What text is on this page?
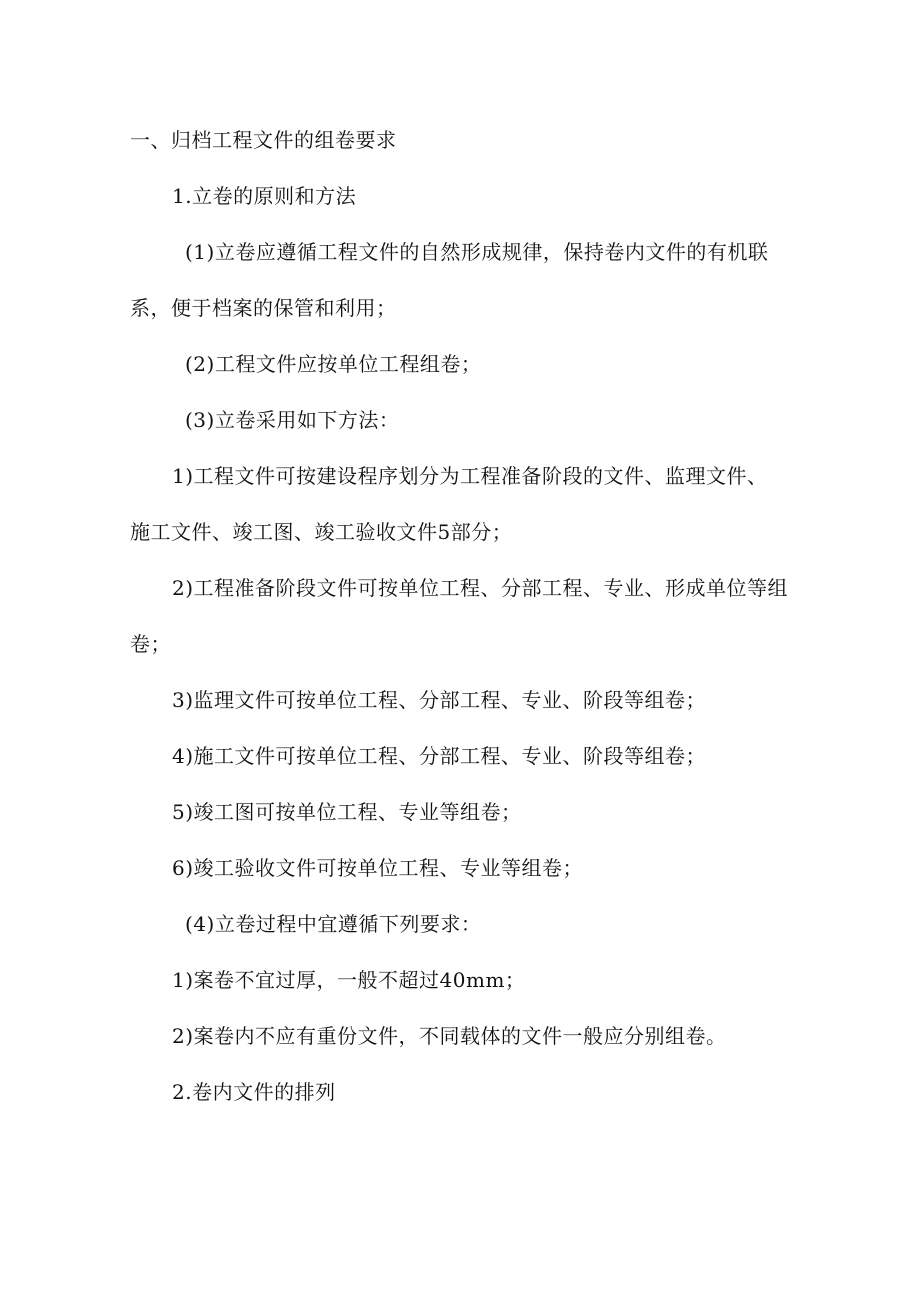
一、归档工程文件的组卷要求
1.立卷的原则和方法
(1)立卷应遵循工程文件的自然形成规律，保持卷内文件的有机联
系，便于档案的保管和利用；
(2)工程文件应按单位工程组卷；
(3)立卷采用如下方法：
1)工程文件可按建设程序划分为工程准备阶段的文件、监理文件、
施工文件、竣工图、竣工验收文件5部分；
2)工程准备阶段文件可按单位工程、分部工程、专业、形成单位等组
卷；
3)监理文件可按单位工程、分部工程、专业、阶段等组卷；
4)施工文件可按单位工程、分部工程、专业、阶段等组卷；
5)竣工图可按单位工程、专业等组卷；
6)竣工验收文件可按单位工程、专业等组卷；
(4)立卷过程中宜遵循下列要求：
1)案卷不宜过厚，一般不超过40mm；
2)案卷内不应有重份文件，不同载体的文件一般应分别组卷。
2.卷内文件的排列
